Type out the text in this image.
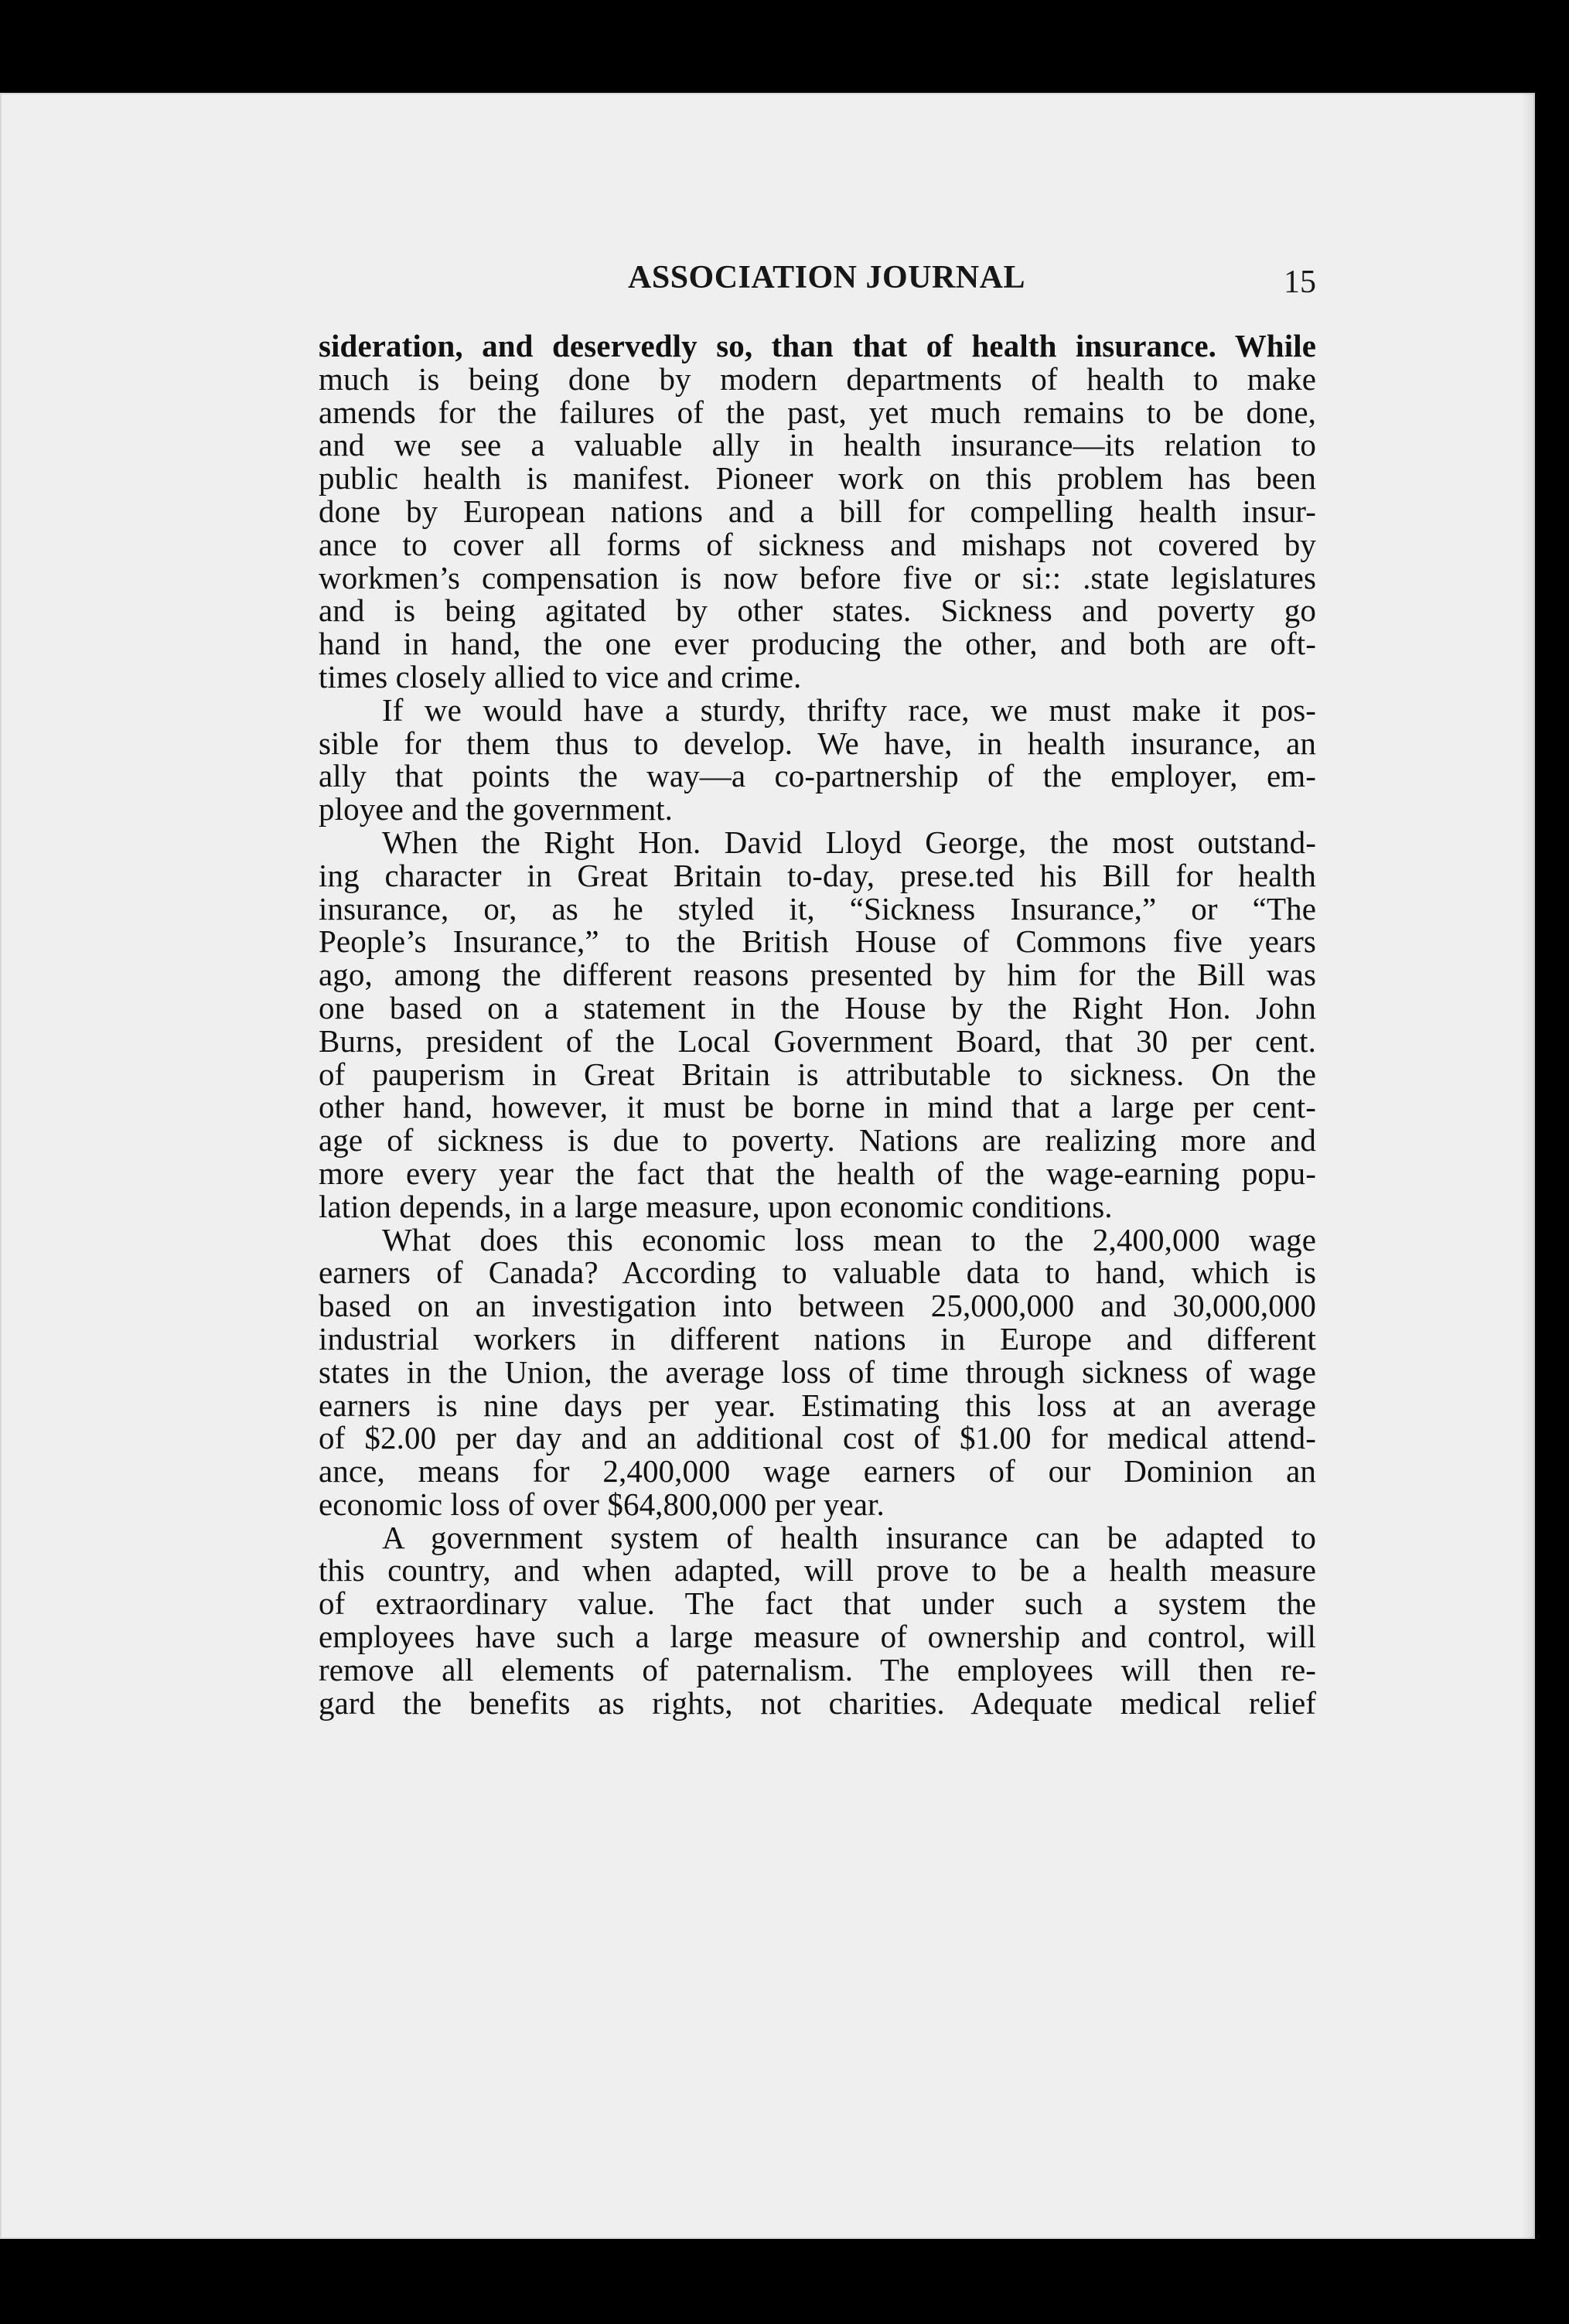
ASSOCIATION JOURNAL	15
sideration, and deservedly so, than that of health insurance. While
much is being done by modern departments of health to make
amends for the failures of the past, yet much remains to be done,
and we see a valuable ally in health insurance—its relation to
public health is manifest. Pioneer work on this problem has been
done by European nations and a bill for compelling health insur-
ance to cover all forms of sickness and mishaps not covered by
workmen’s compensation is now before five or si:: .state legislatures
and is being agitated by other states. Sickness and poverty go
hand in hand, the one ever producing the other, and both are oft-
times closely allied to vice and crime.
If we would have a sturdy, thrifty race, we must make it pos-
sible for them thus to develop. We have, in health insurance, an
ally that points the way—a co-partnership of the employer, em-
ployee and the government.
When the Right Hon. David Lloyd George, the most outstand-
ing character in Great Britain to-day, prese.ted his Bill for health
insurance, or, as he styled it, “Sickness Insurance,” or “The
People’s Insurance,” to the British House of Commons five years
ago, among the different reasons presented by him for the Bill was
one based on a statement in the House by the Right Hon. John
Burns, president of the Local Government Board, that 30 per cent.
of pauperism in Great Britain is attributable to sickness. On the
other hand, however, it must be borne in mind that a large per cent-
age of sickness is due to poverty. Nations are realizing more and
more every year the fact that the health of the wage-earning popu-
lation depends, in a large measure, upon economic conditions.
What does this economic loss mean to the 2,400,000 wage
earners of Canada? According to valuable data to hand, which is
based on an investigation into between 25,000,000 and 30,000,000
industrial workers in different nations in Europe and different
states in the Union, the average loss of time through sickness of wage
earners is nine days per year. Estimating this loss at an average
of $2.00 per day and an additional cost of $1.00 for medical attend-
ance, means for 2,400,000 wage earners of our Dominion an
economic loss of over $64,800,000 per year.
A government system of health insurance can be adapted to
this country, and when adapted, will prove to be a health measure
of extraordinary value. The fact that under such a system the
employees have such a large measure of ownership and control, will
remove all elements of paternalism. The employees will then re-
gard the benefits as rights, not charities. Adequate medical relief
